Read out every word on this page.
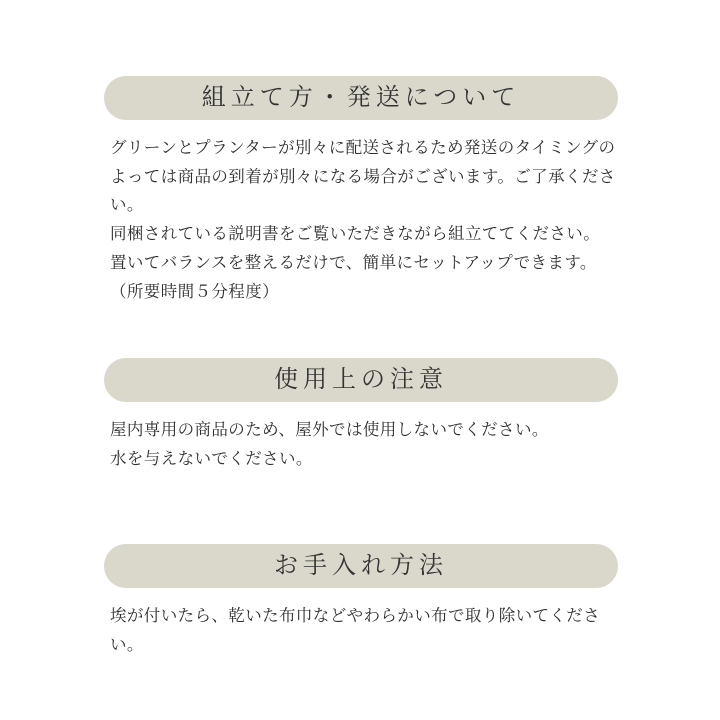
組立て方・発送について

グリーンとプランターが別々に配送されるため発送のタイミングのよっては商品の到着が別々になる場合がございます。ご了承ください。

同梱されている説明書をご覧いただきながら組立ててください。

置いてバランスを整えるだけで、簡単にセットアップできます。（所要時間５分程度）

使用上の注意

屋内専用の商品のため、屋外では使用しないでください。

水を与えないでください。

お手入れ方法

埃が付いたら、乾いた布巾などやわらかい布で取り除いてください。
